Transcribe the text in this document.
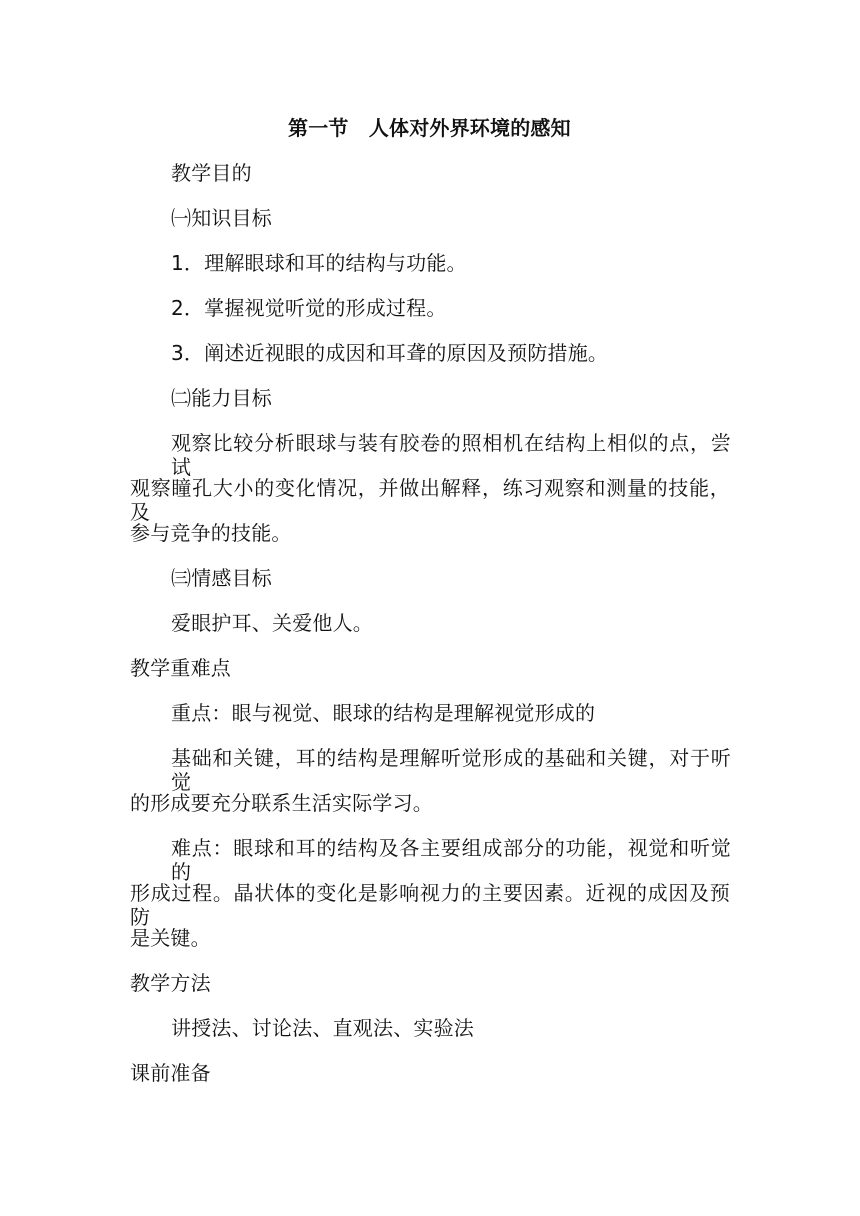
第一节　人体对外界环境的感知
教学目的
㈠知识目标
1．理解眼球和耳的结构与功能。
2．掌握视觉听觉的形成过程。
3．阐述近视眼的成因和耳聋的原因及预防措施。
㈡能力目标
观察比较分析眼球与装有胶卷的照相机在结构上相似的点，尝试
观察瞳孔大小的变化情况，并做出解释，练习观察和测量的技能，及
参与竞争的技能。
㈢情感目标
爱眼护耳、关爱他人。
教学重难点
重点：眼与视觉、眼球的结构是理解视觉形成的
基础和关键，耳的结构是理解听觉形成的基础和关键，对于听觉
的形成要充分联系生活实际学习。
难点：眼球和耳的结构及各主要组成部分的功能，视觉和听觉的
形成过程。晶状体的变化是影响视力的主要因素。近视的成因及预防
是关键。
教学方法
讲授法、讨论法、直观法、实验法
课前准备
